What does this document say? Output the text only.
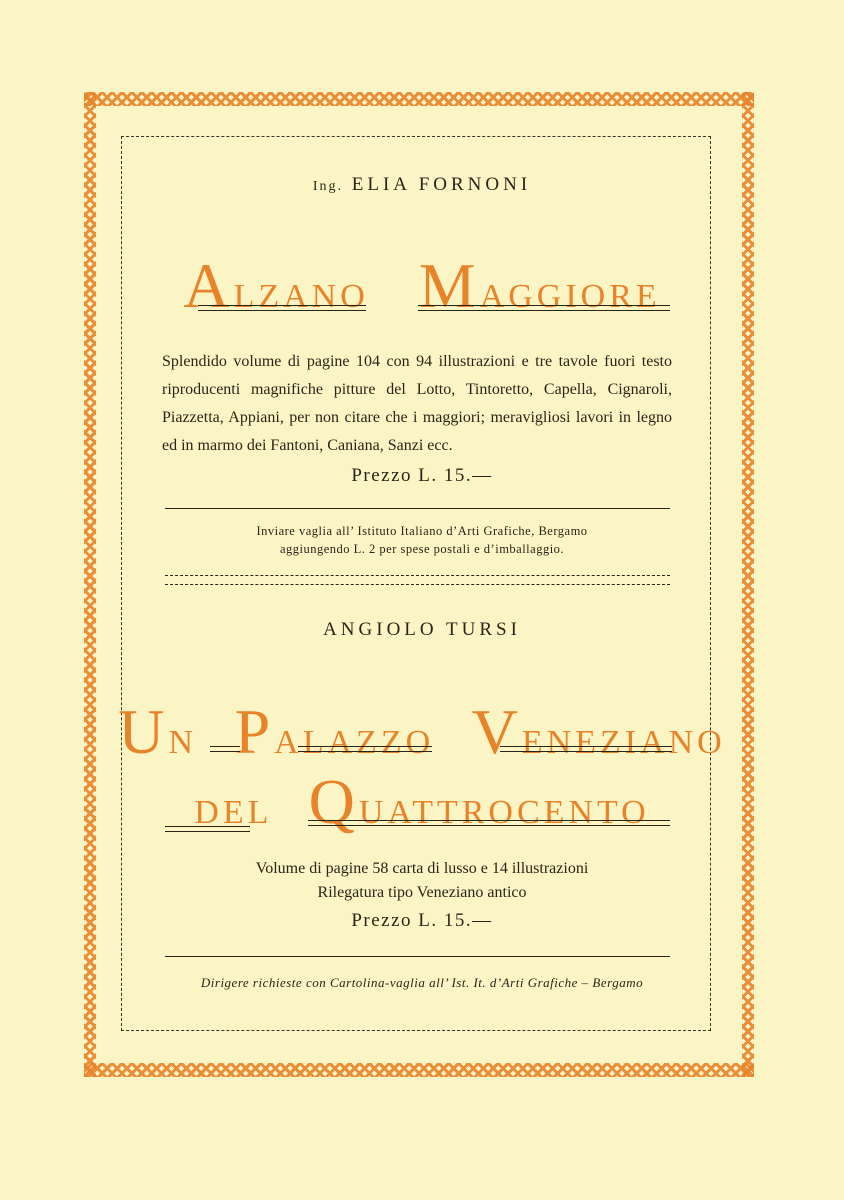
Ing. ELIA FORNONI
ALZANO MAGGIORE
Splendido volume di pagine 104 con 94 illustrazioni e tre tavole fuori testo riproducenti magnifiche pitture del Lotto, Tintoretto, Capella, Cignaroli, Piazzetta, Appiani, per non citare che i maggiori; meravigliosi lavori in legno ed in marmo dei Fantoni, Caniana, Sanzi ecc.
Prezzo L. 15.—
Inviare vaglia all’ Istituto Italiano d’Arti Grafiche, Bergamo
aggiungendo L. 2 per spese postali e d’imballaggio.
ANGIOLO TURSI
UN PALAZZO VENEZIANO
DEL QUATTROCENTO
Volume di pagine 58 carta di lusso e 14 illustrazioni
Rilegatura tipo Veneziano antico
Prezzo L. 15.—
Dirigere richieste con Cartolina-vaglia all’ Ist. It. d’Arti Grafiche – Bergamo
